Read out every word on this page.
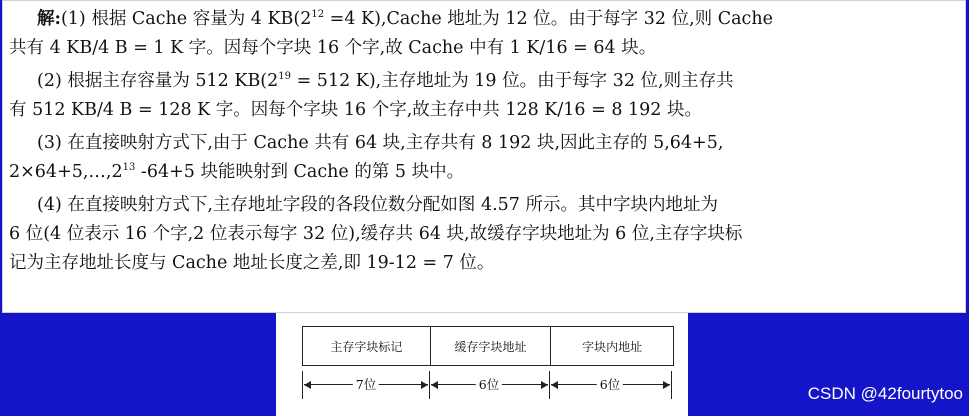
解:(1) 根据 Cache 容量为 4 $KB(2^{12} =4$ K),Cache 地址为 12 位。由于每字 32 位,则 Cache
共有 4 KB/4 B = 1 K 字。因每个字块 16 个字,故 Cache 中有 1 K/16 = 64 块。

(2) 根据主存容量为 512 $KB(2^{19} = 512$ K),主存地址为 19 位。由于每字 32 位,则主存共
有 512 KB/4 B = 128 K 字。因每个字块 16 个字,故主存中共 128 K/16 = 8 192 块。

(3) 在直接映射方式下,由于 Cache 共有 64 块,主存共有 8 192 块,因此主存的 5,64+5,
$2\times 64+5,\dots,2^{13}$ -64+5 块能映射到 Cache 的第 5 块中。

(4) 在直接映射方式下,主存地址字段的各段位数分配如图 4.57 所示。其中字块内地址为
6 位(4 位表示 16 个字,2 位表示每字 32 位),缓存共 64 块,故缓存字块地址为 6 位,主存字块标
记为主存地址长度与 Cache 地址长度之差,即 19-12 = 7 位。

主存字块标记	缓存字块地址	字块内地址
7位	6位	6位	CSDN @42fourtytoo
